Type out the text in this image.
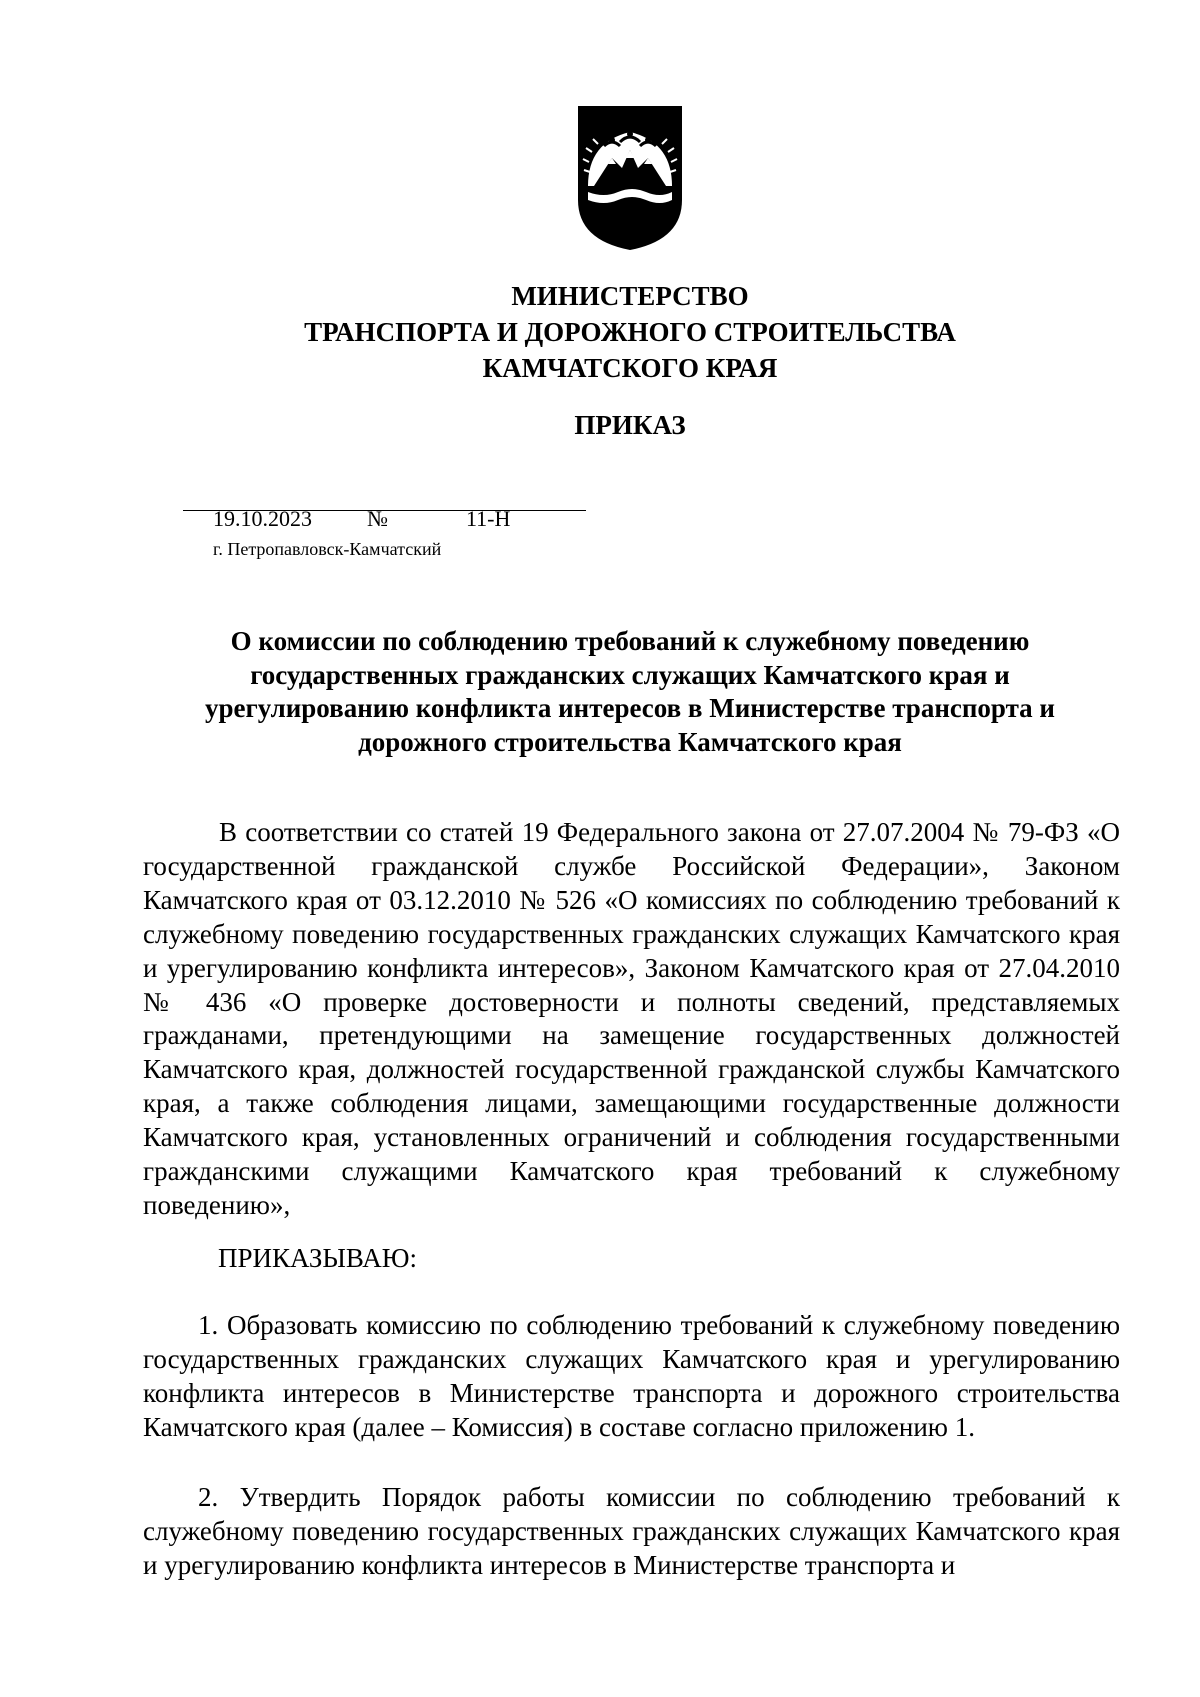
МИНИСТЕРСТВО
ТРАНСПОРТА И ДОРОЖНОГО СТРОИТЕЛЬСТВА
КАМЧАТСКОГО КРАЯ
ПРИКАЗ
19.10.2023	№	11-Н
г. Петропавловск-Камчатский
О комиссии по соблюдению требований к служебному поведению государственных гражданских служащих Камчатского края и урегулированию конфликта интересов в Министерстве транспорта и дорожного строительства Камчатского края
В соответствии со статей 19 Федерального закона от 27.07.2004 № 79-ФЗ «О государственной гражданской службе Российской Федерации», Законом Камчатского края от 03.12.2010 № 526 «О комиссиях по соблюдению требований к служебному поведению государственных гражданских служащих Камчатского края и урегулированию конфликта интересов», Законом Камчатского края от 27.04.2010 № 436 «О проверке достоверности и полноты сведений, представляемых гражданами, претендующими на замещение государственных должностей Камчатского края, должностей государственной гражданской службы Камчатского края, а также соблюдения лицами, замещающими государственные должности Камчатского края, установленных ограничений и соблюдения государственными гражданскими служащими Камчатского края требований к служебному поведению»,
ПРИКАЗЫВАЮ:
1. Образовать комиссию по соблюдению требований к служебному поведению государственных гражданских служащих Камчатского края и урегулированию конфликта интересов в Министерстве транспорта и дорожного строительства Камчатского края (далее – Комиссия) в составе согласно приложению 1.
2. Утвердить Порядок работы комиссии по соблюдению требований к служебному поведению государственных гражданских служащих Камчатского края и урегулированию конфликта интересов в Министерстве транспорта и
